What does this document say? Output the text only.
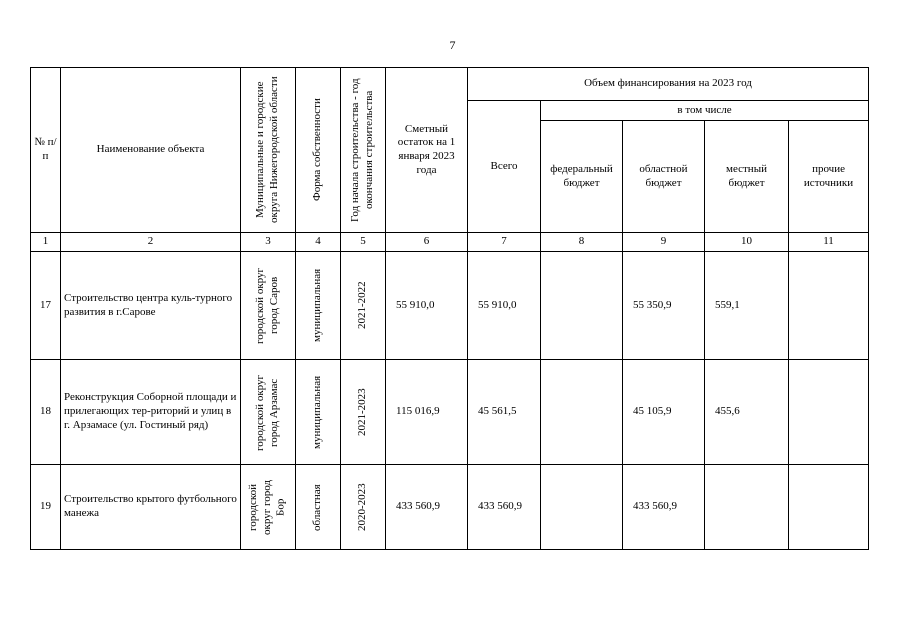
7
№ п/п	Наименование объекта	Муниципальные и городские округа Нижегородской области	Форма собственности	Год начала строительства - год окончания строительства	Сметный остаток на 1 января 2023 года	Объем финансирования на 2023 год				
						Всего	в том числе			
							федеральный бюджет	областной бюджет	местный бюджет	прочие источники
1	2	3	4	5	6	7	8	9	10	11
17	Строительство центра куль-турного развития в г.Сарове	городской округ город Саров	муниципальная	2021-2022	55 910,0	55 910,0		55 350,9	559,1	
18	Реконструкция Соборной площади и прилегающих тер-риторий и улиц в г. Арзамасе (ул. Гостиный ряд)	городской округ город Арзамас	муниципальная	2021-2023	115 016,9	45 561,5		45 105,9	455,6	
19	Строительство крытого футбольного манежа	городской округ город Бор	областная	2020-2023	433 560,9	433 560,9		433 560,9		
